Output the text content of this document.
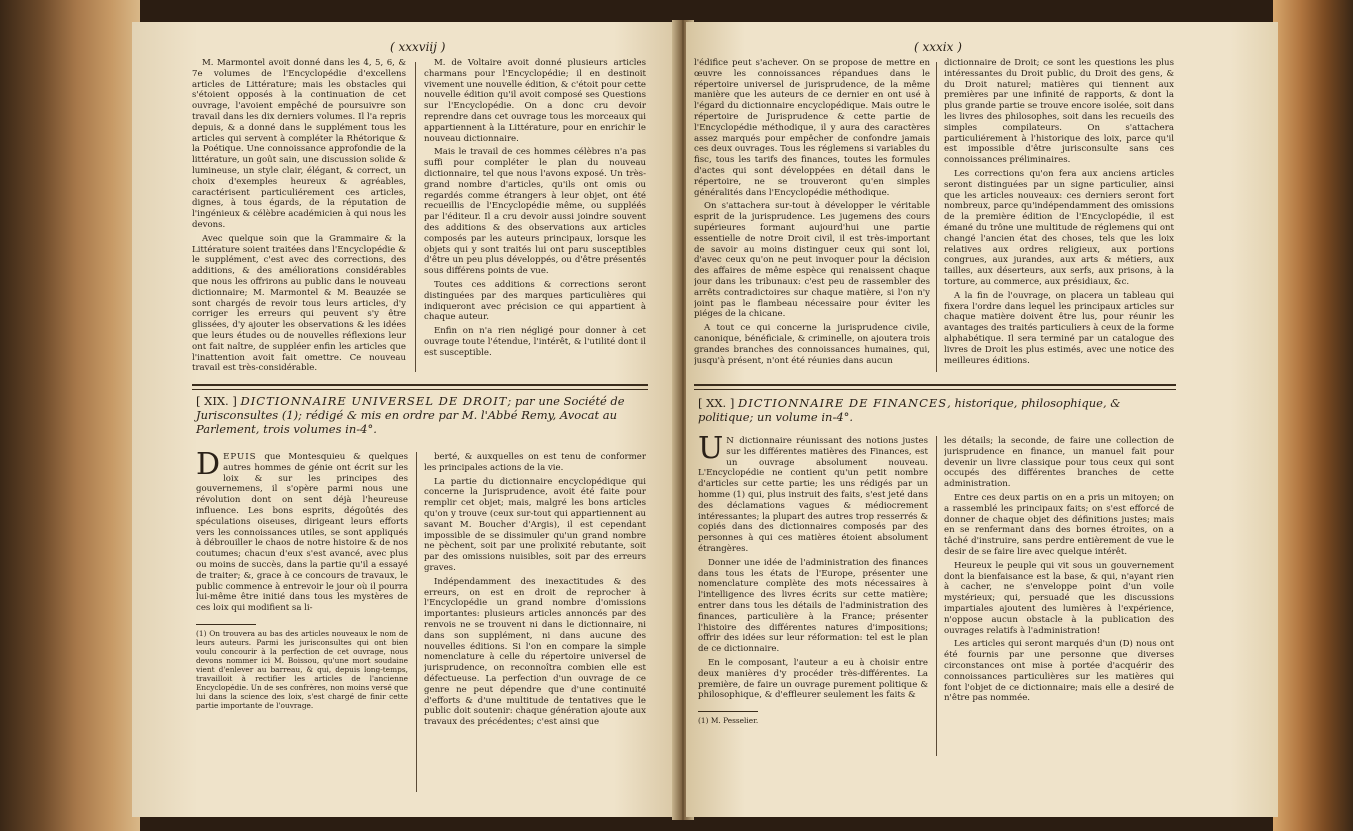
( xxxviij )

M. Marmontel avoit donné dans les 4, 5, 6, & 7e volumes de l'Encyclopédie d'excellens articles de Littérature; mais les obstacles qui s'étoient opposés à la continuation de cet ouvrage, l'avoient empêché de poursuivre son travail dans les dix derniers volumes. Il l'a repris depuis, & a donné dans le supplément tous les articles qui servent à compléter la Rhétorique & la Poétique. Une connoissance approfondie de la littérature, un goût sain, une discussion solide & lumineuse, un style clair, élégant, & correct, un choix d'exemples heureux & agréables, caractérisent particuliérement ces articles, dignes, à tous égards, de la réputation de l'ingénieux & célèbre académicien à qui nous les devons.

Avec quelque soin que la Grammaire & la Littérature soient traitées dans l'Encyclopédie & le supplément, c'est avec des corrections, des additions, & des améliorations considérables que nous les offrirons au public dans le nouveau dictionnaire; M. Marmontel & M. Beauzée se sont chargés de revoir tous leurs articles, d'y corriger les erreurs qui peuvent s'y être glissées, d'y ajouter les observations & les idées que leurs études ou de nouvelles réflexions leur ont fait naître, de suppléer enfin les articles que l'inattention avoit fait omettre. Ce nouveau travail est très-considérable.

M. de Voltaire avoit donné plusieurs articles charmans pour l'Encyclopédie; il en destinoit vivement une nouvelle édition, & c'étoit pour cette nouvelle édition qu'il avoit composé ses Questions sur l'Encyclopédie. On a donc cru devoir reprendre dans cet ouvrage tous les morceaux qui appartiennent à la Littérature, pour en enrichir le nouveau dictionnaire.

Mais le travail de ces hommes célèbres n'a pas suffi pour compléter le plan du nouveau dictionnaire, tel que nous l'avons exposé. Un très-grand nombre d'articles, qu'ils ont omis ou regardés comme étrangers à leur objet, ont été recueillis de l'Encyclopédie même, ou suppléés par l'éditeur. Il a cru devoir aussi joindre souvent des additions & des observations aux articles composés par les auteurs principaux, lorsque les objets qui y sont traités lui ont paru susceptibles d'être un peu plus développés, ou d'être présentés sous différens points de vue.

Toutes ces additions & corrections seront distinguées par des marques particulières qui indiqueront avec précision ce qui appartient à chaque auteur.

Enfin on n'a rien négligé pour donner à cet ouvrage toute l'étendue, l'intérêt, & l'utilité dont il est susceptible.

[ XIX. ] DICTIONNAIRE UNIVERSEL DE DROIT; par une Société de Jurisconsultes (1); rédigé & mis en ordre par M. l'Abbé Remy, Avocat au Parlement, trois volumes in-4°.

DEPUIS que Montesquieu & quelques autres hommes de génie ont écrit sur les loix & sur les principes des gouvernemens, il s'opère parmi nous une révolution dont on sent déjà l'heureuse influence. Les bons esprits, dégoûtés des spéculations oiseuses, dirigeant leurs efforts vers les connoissances utiles, se sont appliqués à débrouiller le chaos de notre histoire & de nos coutumes; chacun d'eux s'est avancé, avec plus ou moins de succès, dans la partie qu'il a essayé de traiter; &, grace à ce concours de travaux, le public commence à entrevoir le jour où il pourra lui-même être initié dans tous les mystères de ces loix qui modifient sa li-

(1) On trouvera au bas des articles nouveaux le nom de leurs auteurs. Parmi les jurisconsultes qui ont bien voulu concourir à la perfection de cet ouvrage, nous devons nommer ici M. Boissou, qu'une mort soudaine vient d'enlever au barreau, & qui, depuis long-temps, travailloit à rectifier les articles de l'ancienne Encyclopédie. Un de ses confrères, non moins versé que lui dans la science des loix, s'est chargé de finir cette partie importante de l'ouvrage.

berté, & auxquelles on est tenu de conformer les principales actions de la vie.

La partie du dictionnaire encyclopédique qui concerne la Jurisprudence, avoit été faite pour remplir cet objet; mais, malgré les bons articles qu'on y trouve (ceux sur-tout qui appartiennent au savant M. Boucher d'Argis), il est cependant impossible de se dissimuler qu'un grand nombre ne pèchent, soit par une prolixité rebutante, soit par des omissions nuisibles, soit par des erreurs graves.

Indépendamment des inexactitudes & des erreurs, on est en droit de reprocher à l'Encyclopédie un grand nombre d'omissions importantes: plusieurs articles annoncés par des renvois ne se trouvent ni dans le dictionnaire, ni dans son supplément, ni dans aucune des nouvelles éditions. Si l'on en compare la simple nomenclature à celle du répertoire universel de jurisprudence, on reconnoîtra combien elle est défectueuse. La perfection d'un ouvrage de ce genre ne peut dépendre que d'une continuité d'efforts & d'une multitude de tentatives que le public doit soutenir: chaque génération ajoute aux travaux des précédentes; c'est ainsi que

( xxxix )

l'édifice peut s'achever. On se propose de mettre en œuvre les connoissances répandues dans le répertoire universel de jurisprudence, de la même manière que les auteurs de ce dernier en ont usé à l'égard du dictionnaire encyclopédique. Mais outre le répertoire de Jurisprudence & cette partie de l'Encyclopédie méthodique, il y aura des caractères assez marqués pour empêcher de confondre jamais ces deux ouvrages. Tous les réglemens si variables du fisc, tous les tarifs des finances, toutes les formules d'actes qui sont développées en détail dans le répertoire, ne se trouveront qu'en simples généralités dans l'Encyclopédie méthodique.

On s'attachera sur-tout à développer le véritable esprit de la jurisprudence. Les jugemens des cours supérieures formant aujourd'hui une partie essentielle de notre Droit civil, il est très-important de savoir au moins distinguer ceux qui sont loi, d'avec ceux qu'on ne peut invoquer pour la décision des affaires de même espèce qui renaissent chaque jour dans les tribunaux: c'est peu de rassembler des arrêts contradictoires sur chaque matière, si l'on n'y joint pas le flambeau nécessaire pour éviter les piéges de la chicane.

A tout ce qui concerne la jurisprudence civile, canonique, bénéficiale, & criminelle, on ajoutera trois grandes branches des connoissances humaines, qui, jusqu'à présent, n'ont été réunies dans aucun

dictionnaire de Droit; ce sont les questions les plus intéressantes du Droit public, du Droit des gens, & du Droit naturel; matières qui tiennent aux premières par une infinité de rapports, & dont la plus grande partie se trouve encore isolée, soit dans les livres des philosophes, soit dans les recueils des simples compilateurs. On s'attachera particuliérement à l'historique des loix, parce qu'il est impossible d'être jurisconsulte sans ces connoissances préliminaires.

Les corrections qu'on fera aux anciens articles seront distinguées par un signe particulier, ainsi que les articles nouveaux: ces derniers seront fort nombreux, parce qu'indépendamment des omissions de la première édition de l'Encyclopédie, il est émané du trône une multitude de réglemens qui ont changé l'ancien état des choses, tels que les loix relatives aux ordres religieux, aux portions congrues, aux jurandes, aux arts & métiers, aux tailles, aux déserteurs, aux serfs, aux prisons, à la torture, au commerce, aux présidiaux, &c.

A la fin de l'ouvrage, on placera un tableau qui fixera l'ordre dans lequel les principaux articles sur chaque matière doivent être lus, pour réunir les avantages des traités particuliers à ceux de la forme alphabétique. Il sera terminé par un catalogue des livres de Droit les plus estimés, avec une notice des meilleures éditions.

[ XX. ] DICTIONNAIRE DE FINANCES, historique, philosophique, & politique; un volume in-4°.

U N dictionnaire réunissant des notions justes sur les différentes matières des Finances, est un ouvrage absolument nouveau. L'Encyclopédie ne contient qu'un petit nombre d'articles sur cette partie; les uns rédigés par un homme (1) qui, plus instruit des faits, s'est jeté dans des déclamations vagues & médiocrement intéressantes; la plupart des autres trop resserrés & copiés dans des dictionnaires composés par des personnes à qui ces matières étoient absolument étrangères.

Donner une idée de l'administration des finances dans tous les états de l'Europe, présenter une nomenclature complète des mots nécessaires à l'intelligence des livres écrits sur cette matière; entrer dans tous les détails de l'administration des finances, particulière à la France; présenter l'histoire des différentes natures d'impositions; offrir des idées sur leur réformation: tel est le plan de ce dictionnaire.

En le composant, l'auteur a eu à choisir entre deux manières d'y procéder très-différentes. La première, de faire un ouvrage purement politique & philosophique, & d'effleurer seulement les faits &

(1) M. Pesselier.

les détails; la seconde, de faire une collection de jurisprudence en finance, un manuel fait pour devenir un livre classique pour tous ceux qui sont occupés des différentes branches de cette administration.

Entre ces deux partis on en a pris un mitoyen; on a rassemblé les principaux faits; on s'est efforcé de donner de chaque objet des définitions justes; mais en se renfermant dans des bornes étroites, on a tâché d'instruire, sans perdre entièrement de vue le desir de se faire lire avec quelque intérêt.

Heureux le peuple qui vit sous un gouvernement dont la bienfaisance est la base, & qui, n'ayant rien à cacher, ne s'enveloppe point d'un voile mystérieux; qui, persuadé que les discussions impartiales ajoutent des lumières à l'expérience, n'oppose aucun obstacle à la publication des ouvrages relatifs à l'administration!

Les articles qui seront marqués d'un (D) nous ont été fournis par une personne que diverses circonstances ont mise à portée d'acquérir des connoissances particulières sur les matières qui font l'objet de ce dictionnaire; mais elle a desiré de n'être pas nommée.
